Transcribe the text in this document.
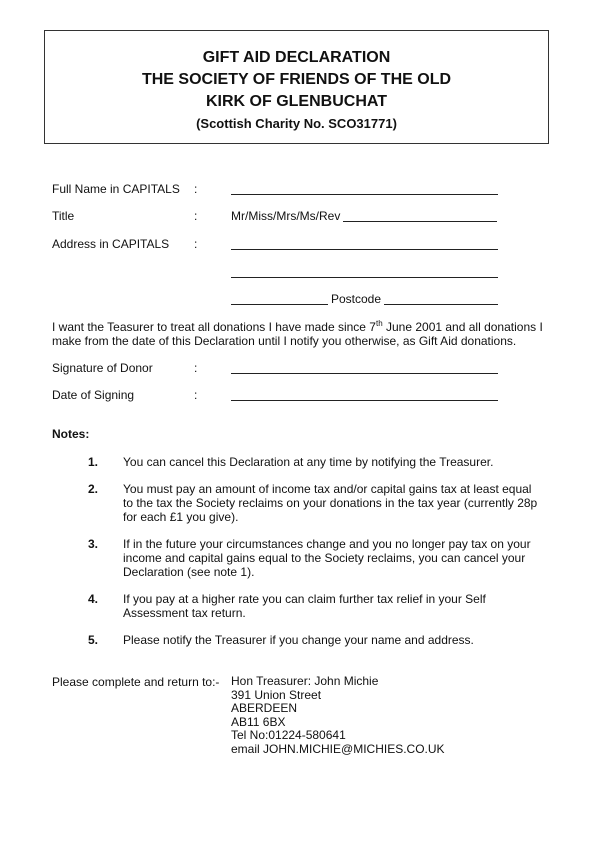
GIFT AID DECLARATION
THE SOCIETY OF FRIENDS OF THE OLD
KIRK OF GLENBUCHAT
(Scottish Charity No. SCO31771)
Full Name in CAPITALS :
Title	:	Mr/Miss/Mrs/Ms/Rev
Address in CAPITALS :
Postcode
I want the Teasurer to treat all donations I have made since 7th June 2001 and all donations I make from the date of this Declaration until I notify you otherwise, as Gift Aid donations.
Signature of Donor	:
Date of Signing	:
Notes:
1. You can cancel this Declaration at any time by notifying the Treasurer.
2. You must pay an amount of income tax and/or capital gains tax at least equal to the tax the Society reclaims on your donations in the tax year (currently 28p for each £1 you give).
3. If in the future your circumstances change and you no longer pay tax on your income and capital gains equal to the Society reclaims, you can cancel your Declaration (see note 1).
4. If you pay at a higher rate you can claim further tax relief in your Self Assessment tax return.
5. Please notify the Treasurer if you change your name and address.
Please complete and return to:- Hon Treasurer: John Michie
391 Union Street
ABERDEEN
AB11 6BX
Tel No:01224-580641
email JOHN.MICHIE@MICHIES.CO.UK
